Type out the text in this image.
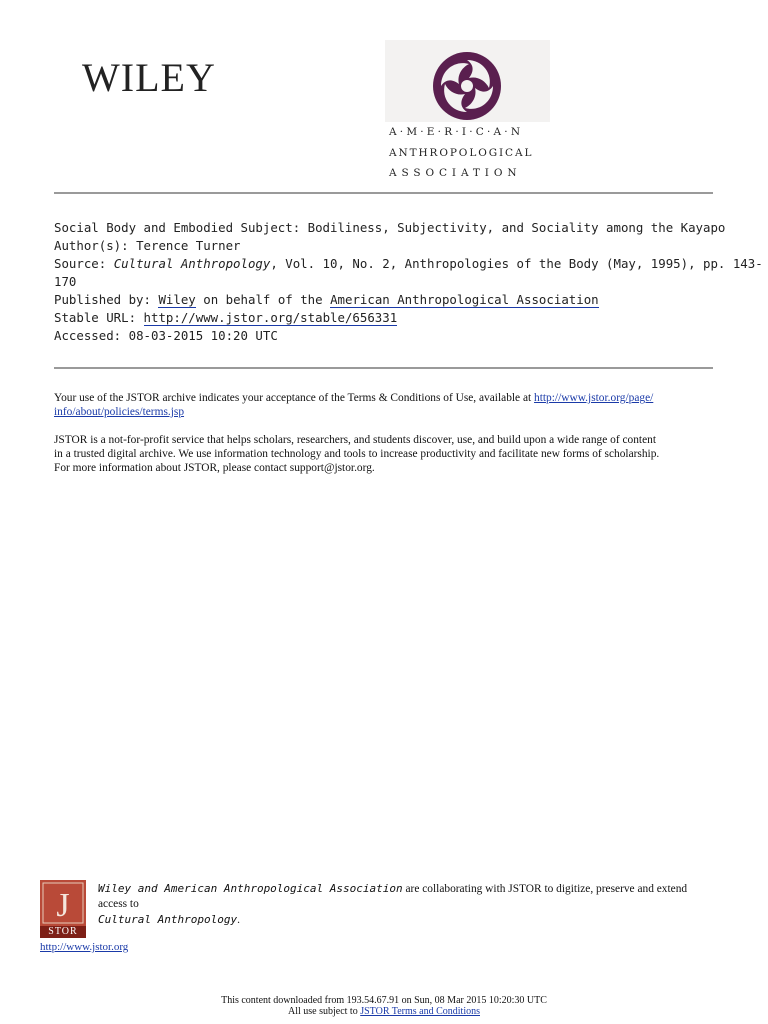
WILEY
A·M·E·R·I·C·A·N
ANTHROPOLOGICAL
ASSOCIATION
Social Body and Embodied Subject: Bodiliness, Subjectivity, and Sociality among the Kayapo
Author(s): Terence Turner
Source: Cultural Anthropology, Vol. 10, No. 2, Anthropologies of the Body (May, 1995), pp. 143-
170
Published by: Wiley on behalf of the American Anthropological Association
Stable URL: http://www.jstor.org/stable/656331
Accessed: 08-03-2015 10:20 UTC
Your use of the JSTOR archive indicates your acceptance of the Terms & Conditions of Use, available at http://www.jstor.org/page/
info/about/policies/terms.jsp
JSTOR is a not-for-profit service that helps scholars, researchers, and students discover, use, and build upon a wide range of content
in a trusted digital archive. We use information technology and tools to increase productivity and facilitate new forms of scholarship.
For more information about JSTOR, please contact support@jstor.org.
J
STOR
http://www.jstor.org
Wiley and American Anthropological Association are collaborating with JSTOR to digitize, preserve and extend access to
Cultural Anthropology.
This content downloaded from 193.54.67.91 on Sun, 08 Mar 2015 10:20:30 UTC
All use subject to JSTOR Terms and Conditions
